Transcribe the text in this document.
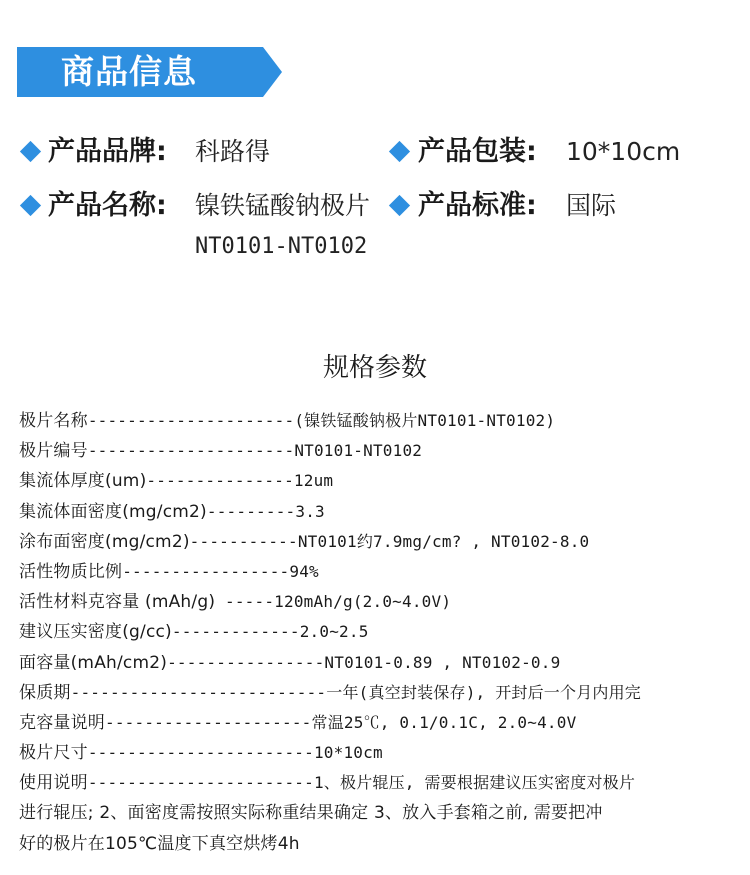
商品信息
产品品牌: 科路得	产品包装: 10*10cm
产品名称: 镍铁锰酸钠极片
NT0101-NT0102
产品标准: 国际
规格参数
极片名称---------------------(镍铁锰酸钠极片NT0101-NT0102)
极片编号---------------------NT0101-NT0102
集流体厚度(um)---------------12um
集流体面密度(mg/cm2)---------3.3
涂布面密度(mg/cm2)-----------NT0101约7.9mg/cm? , NT0102-8.0
活性物质比例-----------------94%
活性材料克容量 (mAh/g) -----120mAh/g(2.0~4.0V)
建议压实密度(g/cc)-------------2.0~2.5
面容量(mAh/cm2)----------------NT0101-0.89 , NT0102-0.9
保质期--------------------------一年(真空封装保存), 开封后一个月内用完
克容量说明---------------------常温25℃, 0.1/0.1C, 2.0~4.0V
极片尺寸-----------------------10*10cm
使用说明-----------------------1、极片辊压, 需要根据建议压实密度对极片
进行辊压; 2、面密度需按照实际称重结果确定 3、放入手套箱之前, 需要把冲
好的极片在105℃温度下真空烘烤4h
